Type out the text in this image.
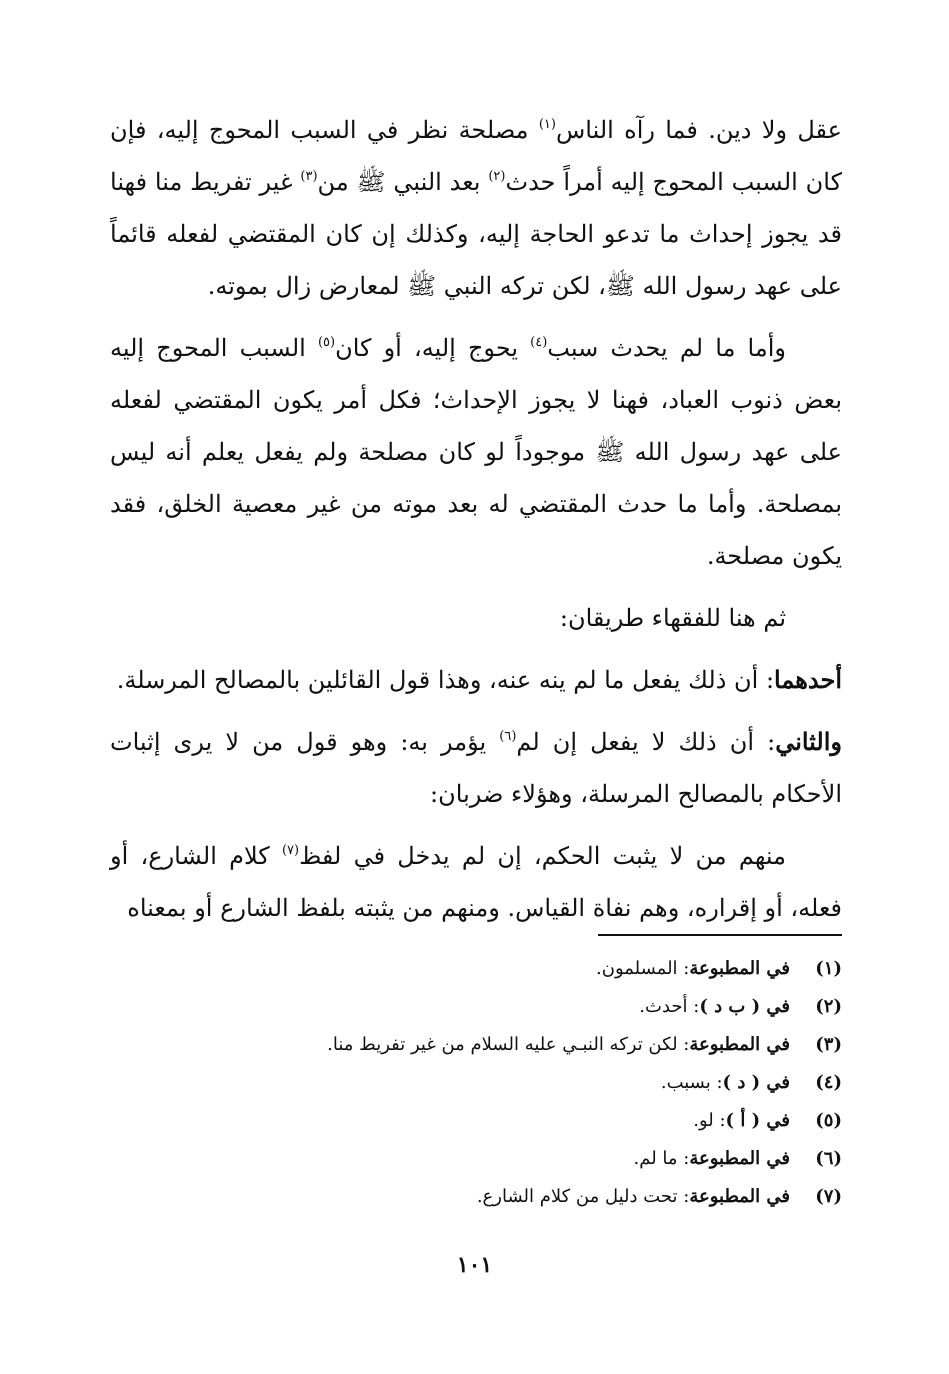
عقل ولا دين. فما رآه الناس$^{(١)}$ مصلحة نظر في السبب المحوج إليه، فإن كان السبب المحوج إليه أمراً حدث$^{(٢)}$ بعد النبي ﷺ من$^{(٣)}$ غير تفريط منا فهنا قد يجوز إحداث ما تدعو الحاجة إليه، وكذلك إن كان المقتضي لفعله قائماً على عهد رسول الله ﷺ، لكن تركه النبي ﷺ لمعارض زال بموته.

وأما ما لم يحدث سبب$^{(٤)}$ يحوج إليه، أو كان$^{(٥)}$ السبب المحوج إليه بعض ذنوب العباد، فهنا لا يجوز الإحداث؛ فكل أمر يكون المقتضي لفعله على عهد رسول الله ﷺ موجوداً لو كان مصلحة ولم يفعل يعلم أنه ليس بمصلحة. وأما ما حدث المقتضي له بعد موته من غير معصية الخلق، فقد يكون مصلحة.

ثم هنا للفقهاء طريقان:

أحدهما: أن ذلك يفعل ما لم ينه عنه، وهذا قول القائلين بالمصالح المرسلة.

والثاني: أن ذلك لا يفعل إن لم$^{(٦)}$ يؤمر به: وهو قول من لا يرى إثبات الأحكام بالمصالح المرسلة، وهؤلاء ضربان:

منهم من لا يثبت الحكم، إن لم يدخل في لفظ$^{(٧)}$ كلام الشارع، أو فعله، أو إقراره، وهم نفاة القياس. ومنهم من يثبته بلفظ الشارع أو بمعناه

(١)في المطبوعة: المسلمون.
(٢)في ( ب د ): أحدث.
(٣)في المطبوعة: لكن تركه النبـي عليه السلام من غير تفريط منا.
(٤)في ( د ): بسبب.
(٥)في ( أ ): لو.
(٦)في المطبوعة: ما لم.
(٧)في المطبوعة: تحت دليل من كلام الشارع.
١٠١
